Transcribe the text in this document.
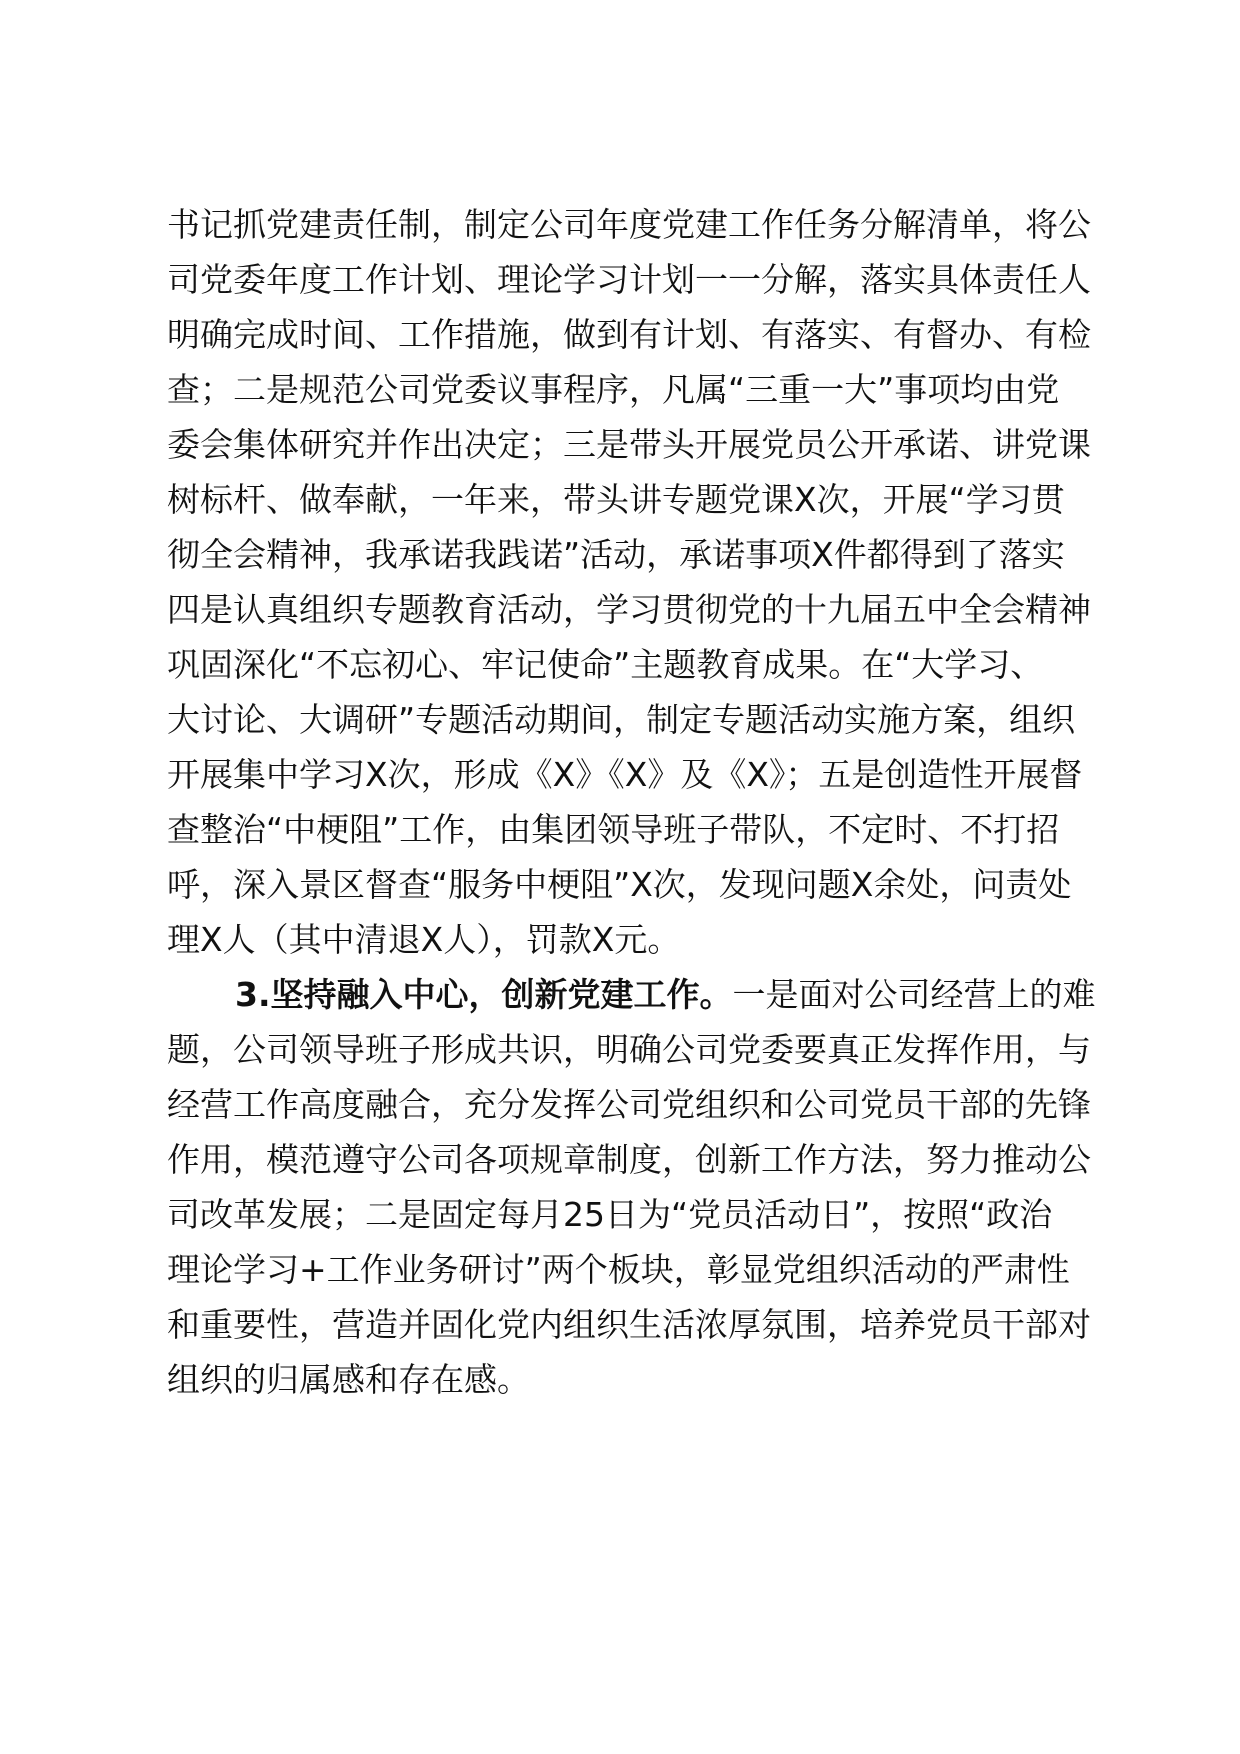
书记抓党建责任制，制定公司年度党建工作任务分解清单，将公
司党委年度工作计划、理论学习计划一一分解，落实具体责任人
明确完成时间、工作措施，做到有计划、有落实、有督办、有检
查；二是规范公司党委议事程序，凡属“三重一大”事项均由党
委会集体研究并作出决定；三是带头开展党员公开承诺、讲党课
树标杆、做奉献，一年来，带头讲专题党课X次，开展“学习贯
彻全会精神，我承诺我践诺”活动，承诺事项X件都得到了落实
四是认真组织专题教育活动，学习贯彻党的十九届五中全会精神
巩固深化“不忘初心、牢记使命”主题教育成果。在“大学习、
大讨论、大调研”专题活动期间，制定专题活动实施方案，组织
开展集中学习X次，形成《X》《X》及《X》；五是创造性开展督
查整治“中梗阻”工作，由集团领导班子带队，不定时、不打招
呼，深入景区督查“服务中梗阻”X次，发现问题X余处，问责处
理X人（其中清退X人），罚款X元。
3.坚持融入中心，创新党建工作。一是面对公司经营上的难
题，公司领导班子形成共识，明确公司党委要真正发挥作用，与
经营工作高度融合，充分发挥公司党组织和公司党员干部的先锋
作用，模范遵守公司各项规章制度，创新工作方法，努力推动公
司改革发展；二是固定每月25日为“党员活动日”，按照“政治
理论学习+工作业务研讨”两个板块，彰显党组织活动的严肃性
和重要性，营造并固化党内组织生活浓厚氛围，培养党员干部对
组织的归属感和存在感。
